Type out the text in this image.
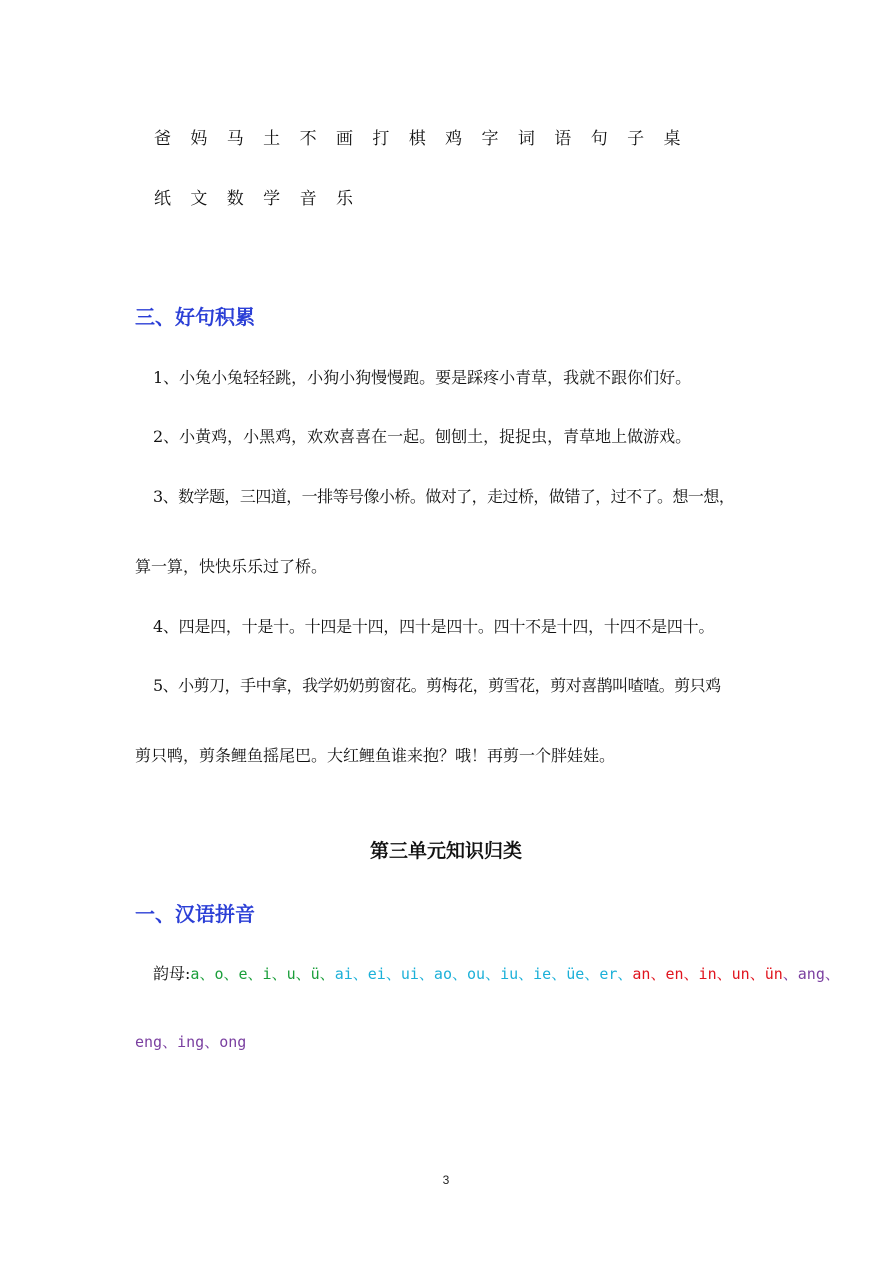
爸 妈 马 土 不 画 打 棋 鸡 字 词 语 句 子 桌
纸 文 数 学 音 乐
三、好句积累
1、小兔小兔轻轻跳，小狗小狗慢慢跑。要是踩疼小青草，我就不跟你们好。
2、小黄鸡，小黑鸡，欢欢喜喜在一起。刨刨土，捉捉虫，青草地上做游戏。
3、数学题，三四道，一排等号像小桥。做对了，走过桥，做错了，过不了。想一想，
算一算，快快乐乐过了桥。
4、四是四，十是十。十四是十四，四十是四十。四十不是十四，十四不是四十。
5、小剪刀，手中拿，我学奶奶剪窗花。剪梅花，剪雪花，剪对喜鹊叫喳喳。剪只鸡
剪只鸭，剪条鲤鱼摇尾巴。大红鲤鱼谁来抱？哦！再剪一个胖娃娃。
第三单元知识归类
一、汉语拼音
韵母:a、o、e、i、u、ü、ai、ei、ui、ao、ou、iu、ie、üe、er、an、en、in、un、ün、ang、
eng、ing、ong
3
